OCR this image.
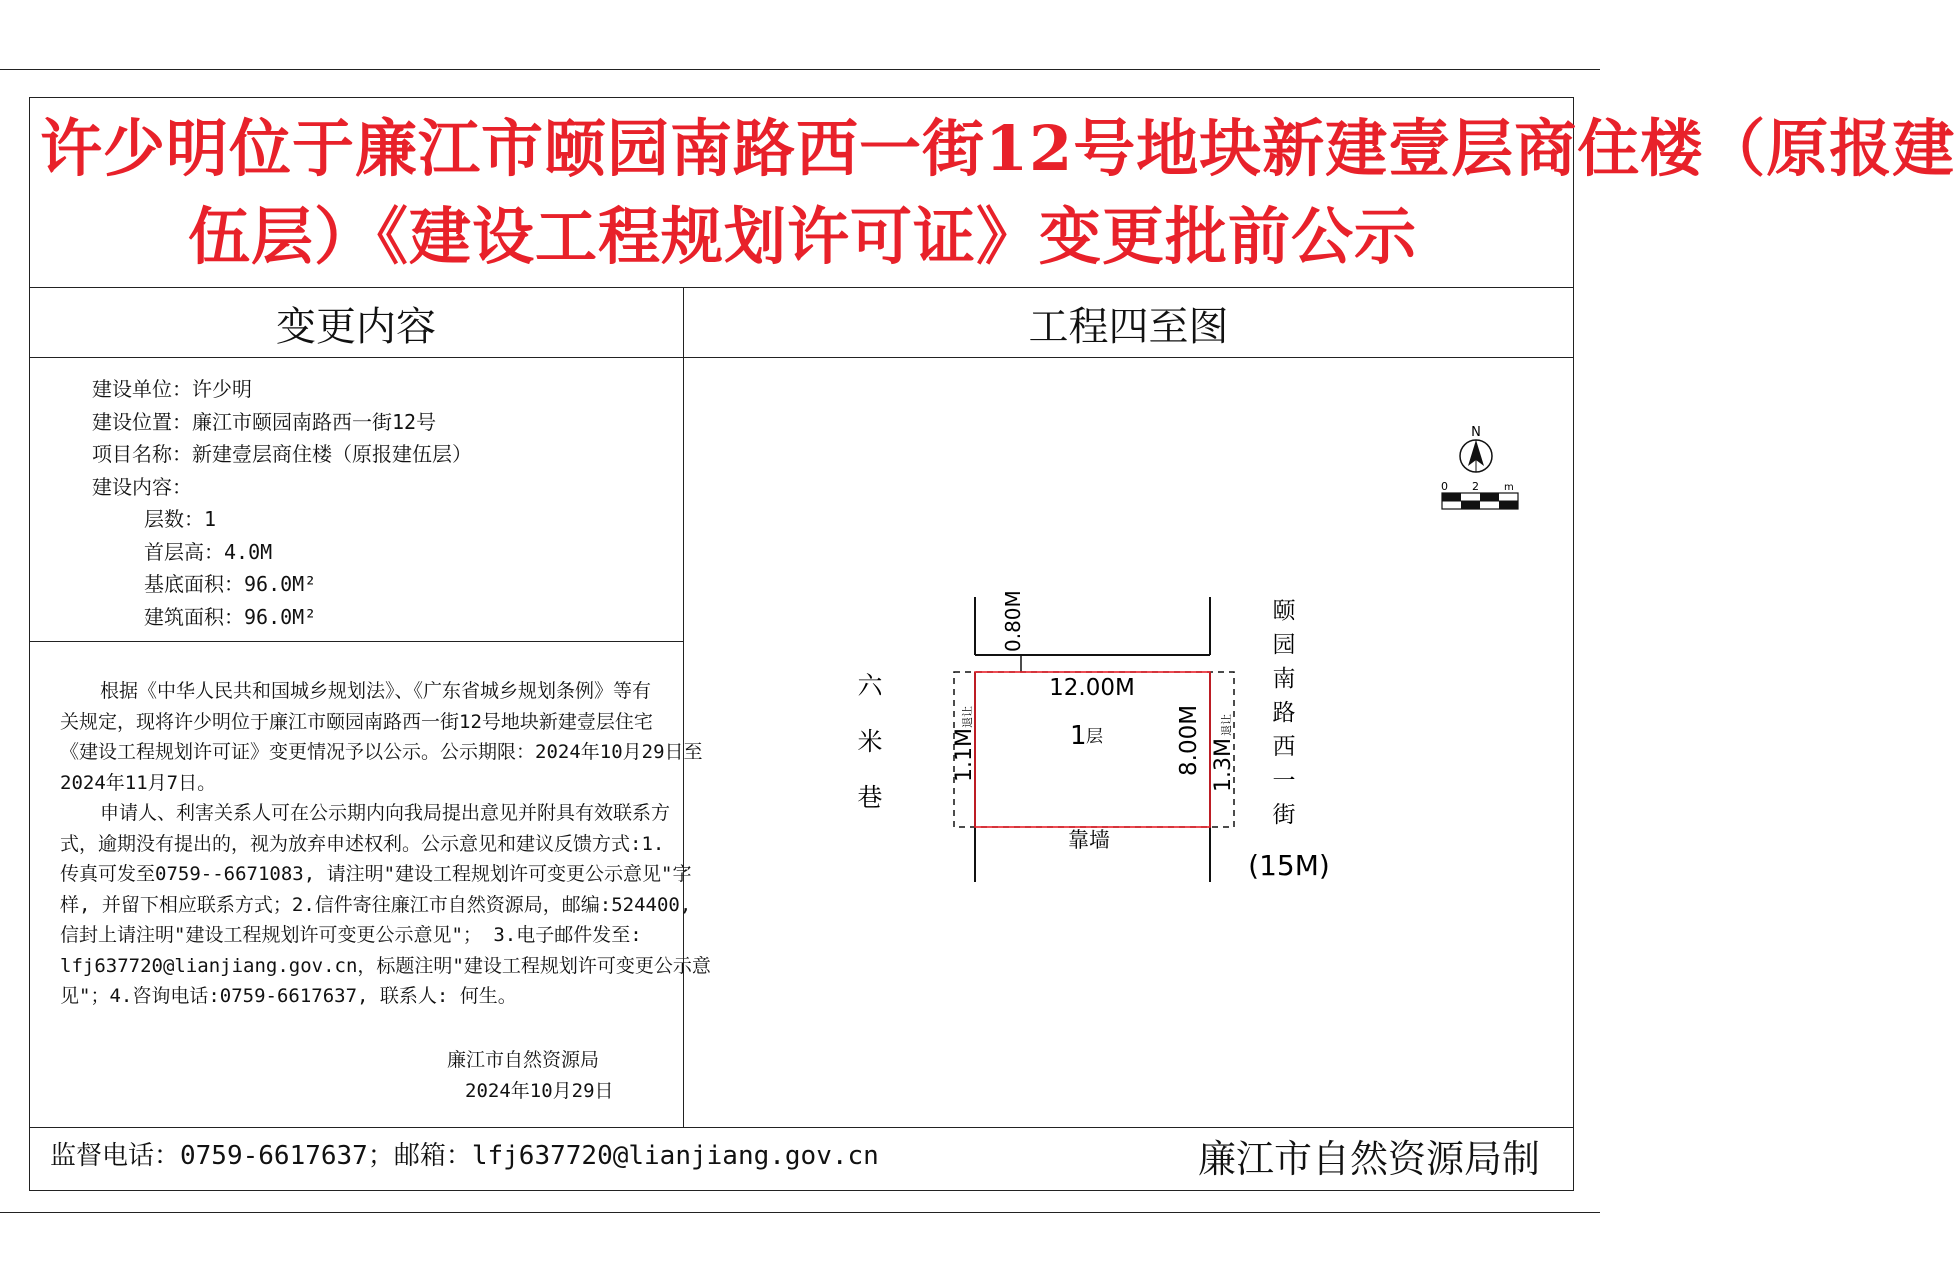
许少明位于廉江市颐园南路西一街12号地块新建壹层商住楼（原报建
伍层）《建设工程规划许可证》变更批前公示
变更内容	工程四至图
建设单位：许少明
建设位置：廉江市颐园南路西一街12号
项目名称：新建壹层商住楼（原报建伍层）
建设内容：
层数：1
首层高：4.0M
基底面积：96.0M²
建筑面积：96.0M²
根据《中华人民共和国城乡规划法》、《广东省城乡规划条例》等有
关规定，现将许少明位于廉江市颐园南路西一街12号地块新建壹层住宅
《建设工程规划许可证》变更情况予以公示。公示期限：2024年10月29日至
2024年11月7日。
申请人、利害关系人可在公示期内向我局提出意见并附具有效联系方
式，逾期没有提出的，视为放弃申述权利。公示意见和建议反馈方式:1.
传真可发至0759--6671083, 请注明"建设工程规划许可变更公示意见"字
样, 并留下相应联系方式；2.信件寄往廉江市自然资源局，邮编:524400,
信封上请注明"建设工程规划许可变更公示意见"； 3.电子邮件发至:
lfj637720@lianjiang.gov.cn，标题注明"建设工程规划许可变更公示意
见"；4.咨询电话:0759-6617637, 联系人: 何生。
廉江市自然资源局
2024年10月29日
监督电话：0759-6617637；邮箱：lfj637720@lianjiang.gov.cn	廉江市自然资源局制
N
0 2	m
0.80M
12.00M
8.00M
1.1M
退让
1.3M
退让
1 层
靠墙
六
米
巷
颐
园
南
路
西
一
街
(15M)
